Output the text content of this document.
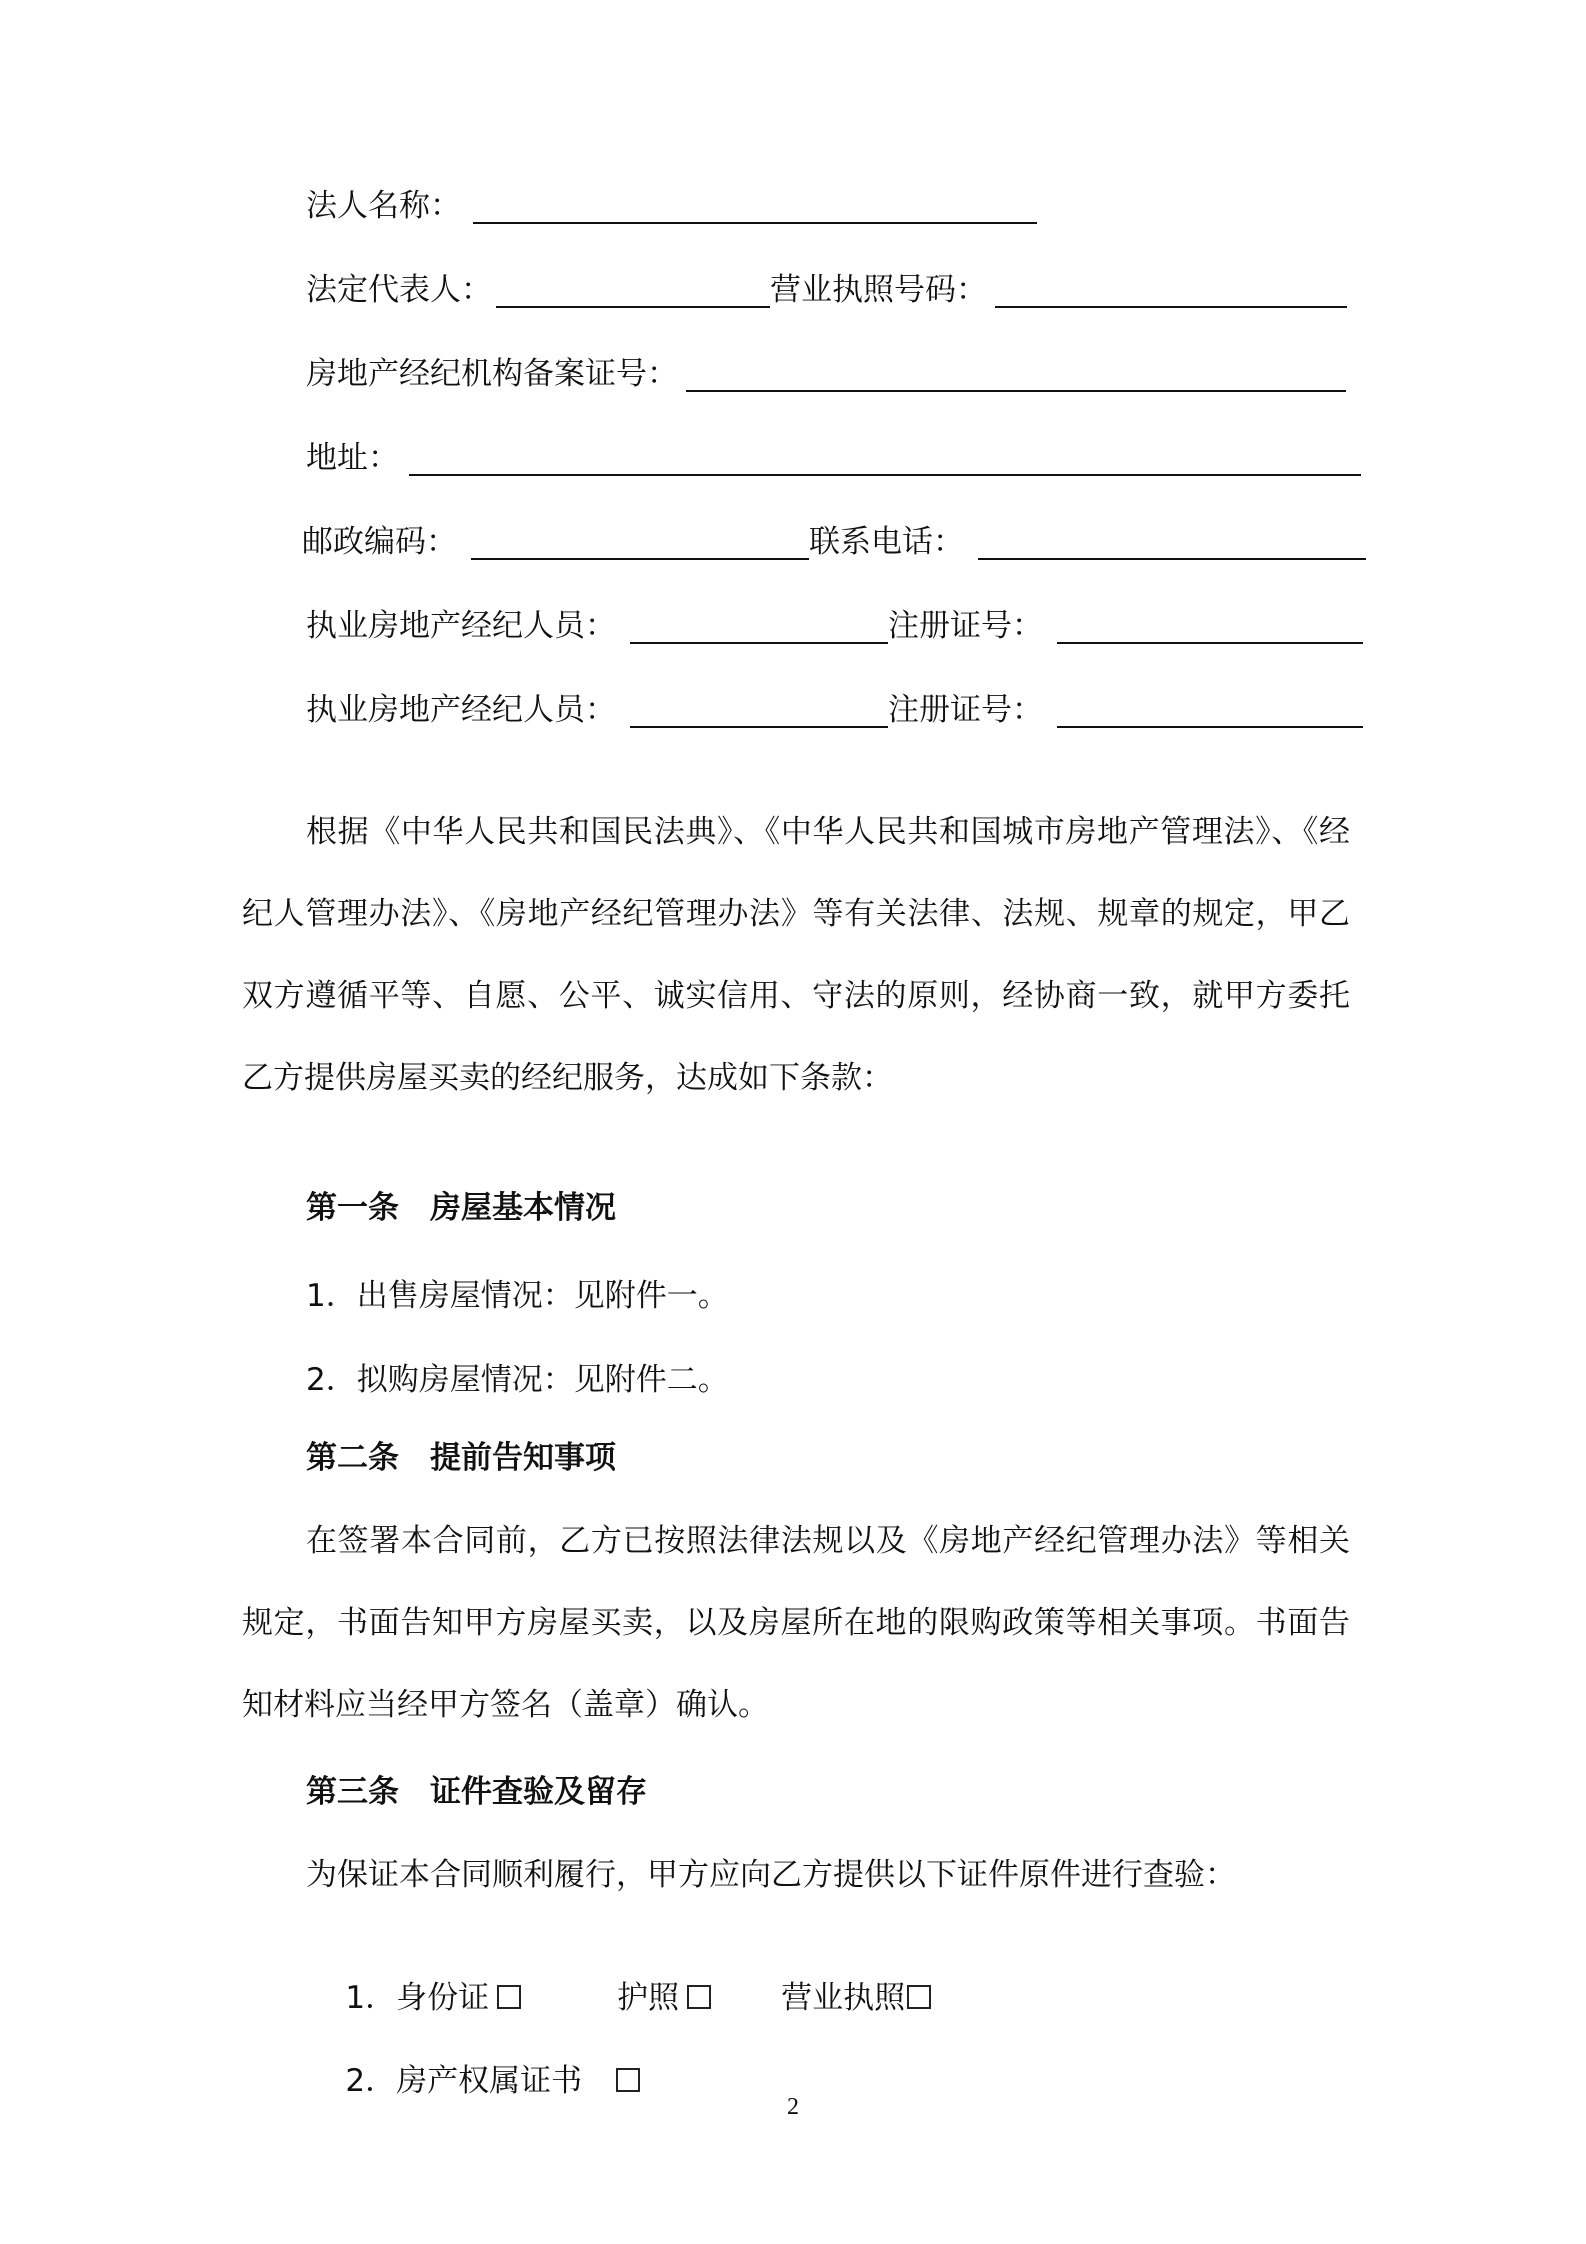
法人名称：
法定代表人：	营业执照号码：
房地产经纪机构备案证号：
地址：
邮政编码：	联系电话：
执业房地产经纪人员：	注册证号：
执业房地产经纪人员：	注册证号：
根据《中华人民共和国民法典》、《中华人民共和国城市房地产管理法》、《经纪人管理办法》、《房地产经纪管理办法》等有关法律、法规、规章的规定，甲乙双方遵循平等、自愿、公平、诚实信用、守法的原则，经协商一致，就甲方委托乙方提供房屋买卖的经纪服务，达成如下条款：
第一条　房屋基本情况
1．出售房屋情况：见附件一。
2．拟购房屋情况：见附件二。
第二条　提前告知事项
在签署本合同前，乙方已按照法律法规以及《房地产经纪管理办法》等相关规定，书面告知甲方房屋买卖，以及房屋所在地的限购政策等相关事项。书面告知材料应当经甲方签名（盖章）确认。
第三条　证件查验及留存
为保证本合同顺利履行，甲方应向乙方提供以下证件原件进行查验：

1．身份证	护照	营业执照

2．房产权属证书

2
